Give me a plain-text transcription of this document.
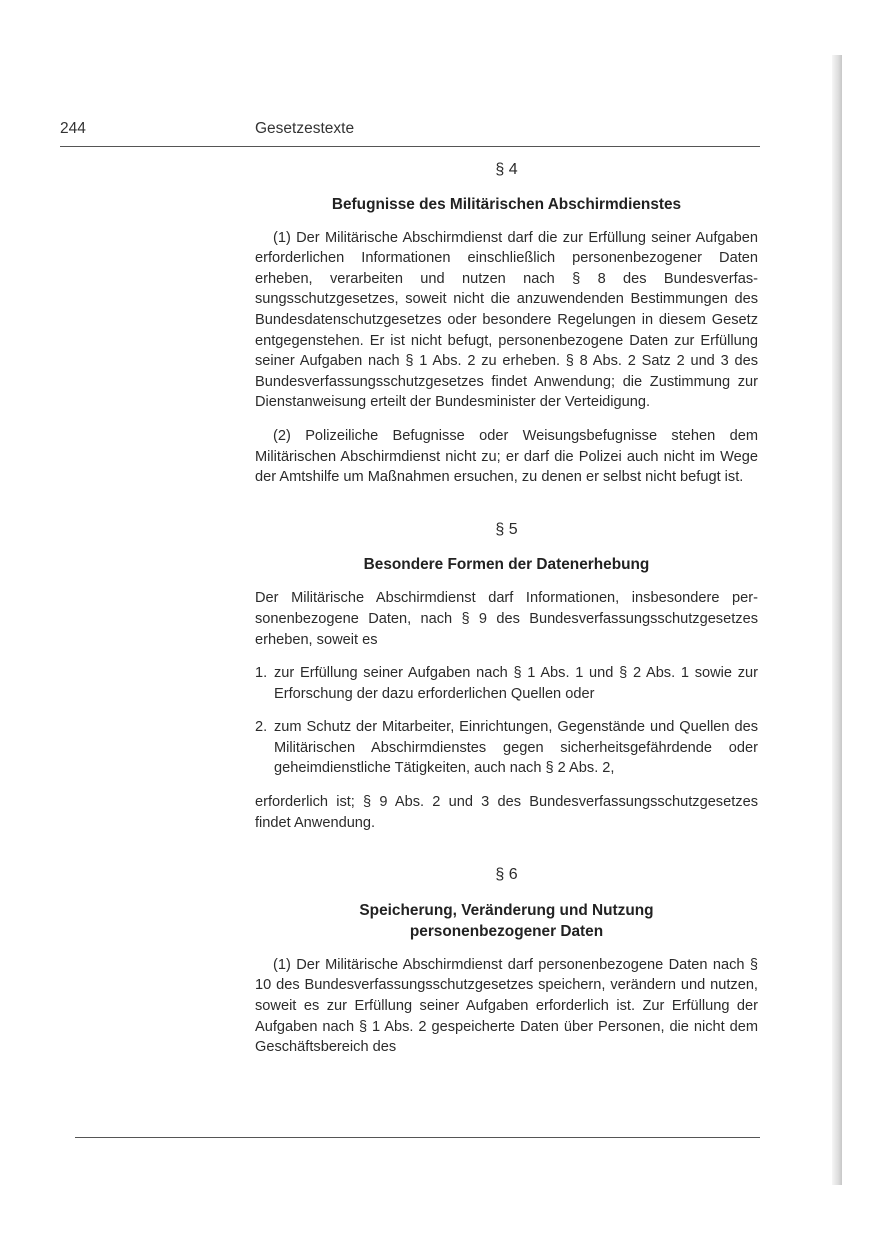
244	Gesetzestexte
§ 4
Befugnisse des Militärischen Abschirmdienstes

(1) Der Militärische Abschirmdienst darf die zur Erfüllung seiner Aufgaben erforderlichen Informationen einschließlich personenbezogener Daten erheben, verarbeiten und nutzen nach § 8 des Bundesverfassungsschutzgesetzes, soweit nicht die anzuwendenden Bestimmungen des Bundesdatenschutzgesetzes oder besondere Regelungen in diesem Gesetz entgegenstehen. Er ist nicht befugt, personenbezogene Daten zur Erfüllung seiner Aufgaben nach § 1 Abs. 2 zu erheben. § 8 Abs. 2 Satz 2 und 3 des Bundesverfassungsschutzgesetzes findet Anwendung; die Zustimmung zur Dienstanweisung erteilt der Bundesminister der Verteidigung.

(2) Polizeiliche Befugnisse oder Weisungsbefugnisse stehen dem Militärischen Abschirmdienst nicht zu; er darf die Polizei auch nicht im Wege der Amtshilfe um Maßnahmen ersuchen, zu denen er selbst nicht befugt ist.

§ 5
Besondere Formen der Datenerhebung

Der Militärische Abschirmdienst darf Informationen, insbesondere personenbezogene Daten, nach § 9 des Bundesverfassungsschutzgesetzes erheben, soweit es

1. zur Erfüllung seiner Aufgaben nach § 1 Abs. 1 und § 2 Abs. 1 sowie zur Erforschung der dazu erforderlichen Quellen oder
2. zum Schutz der Mitarbeiter, Einrichtungen, Gegenstände und Quellen des Militärischen Abschirmdienstes gegen sicherheitsgefährdende oder geheimdienstliche Tätigkeiten, auch nach § 2 Abs. 2,

erforderlich ist; § 9 Abs. 2 und 3 des Bundesverfassungsschutzgesetzes findet Anwendung.

§ 6
Speicherung, Veränderung und Nutzung
personenbezogener Daten

(1) Der Militärische Abschirmdienst darf personenbezogene Daten nach § 10 des Bundesverfassungsschutzgesetzes speichern, verändern und nutzen, soweit es zur Erfüllung seiner Aufgaben erforderlich ist. Zur Erfüllung der Aufgaben nach § 1 Abs. 2 gespeicherte Daten über Personen, die nicht dem Geschäftsbereich des
